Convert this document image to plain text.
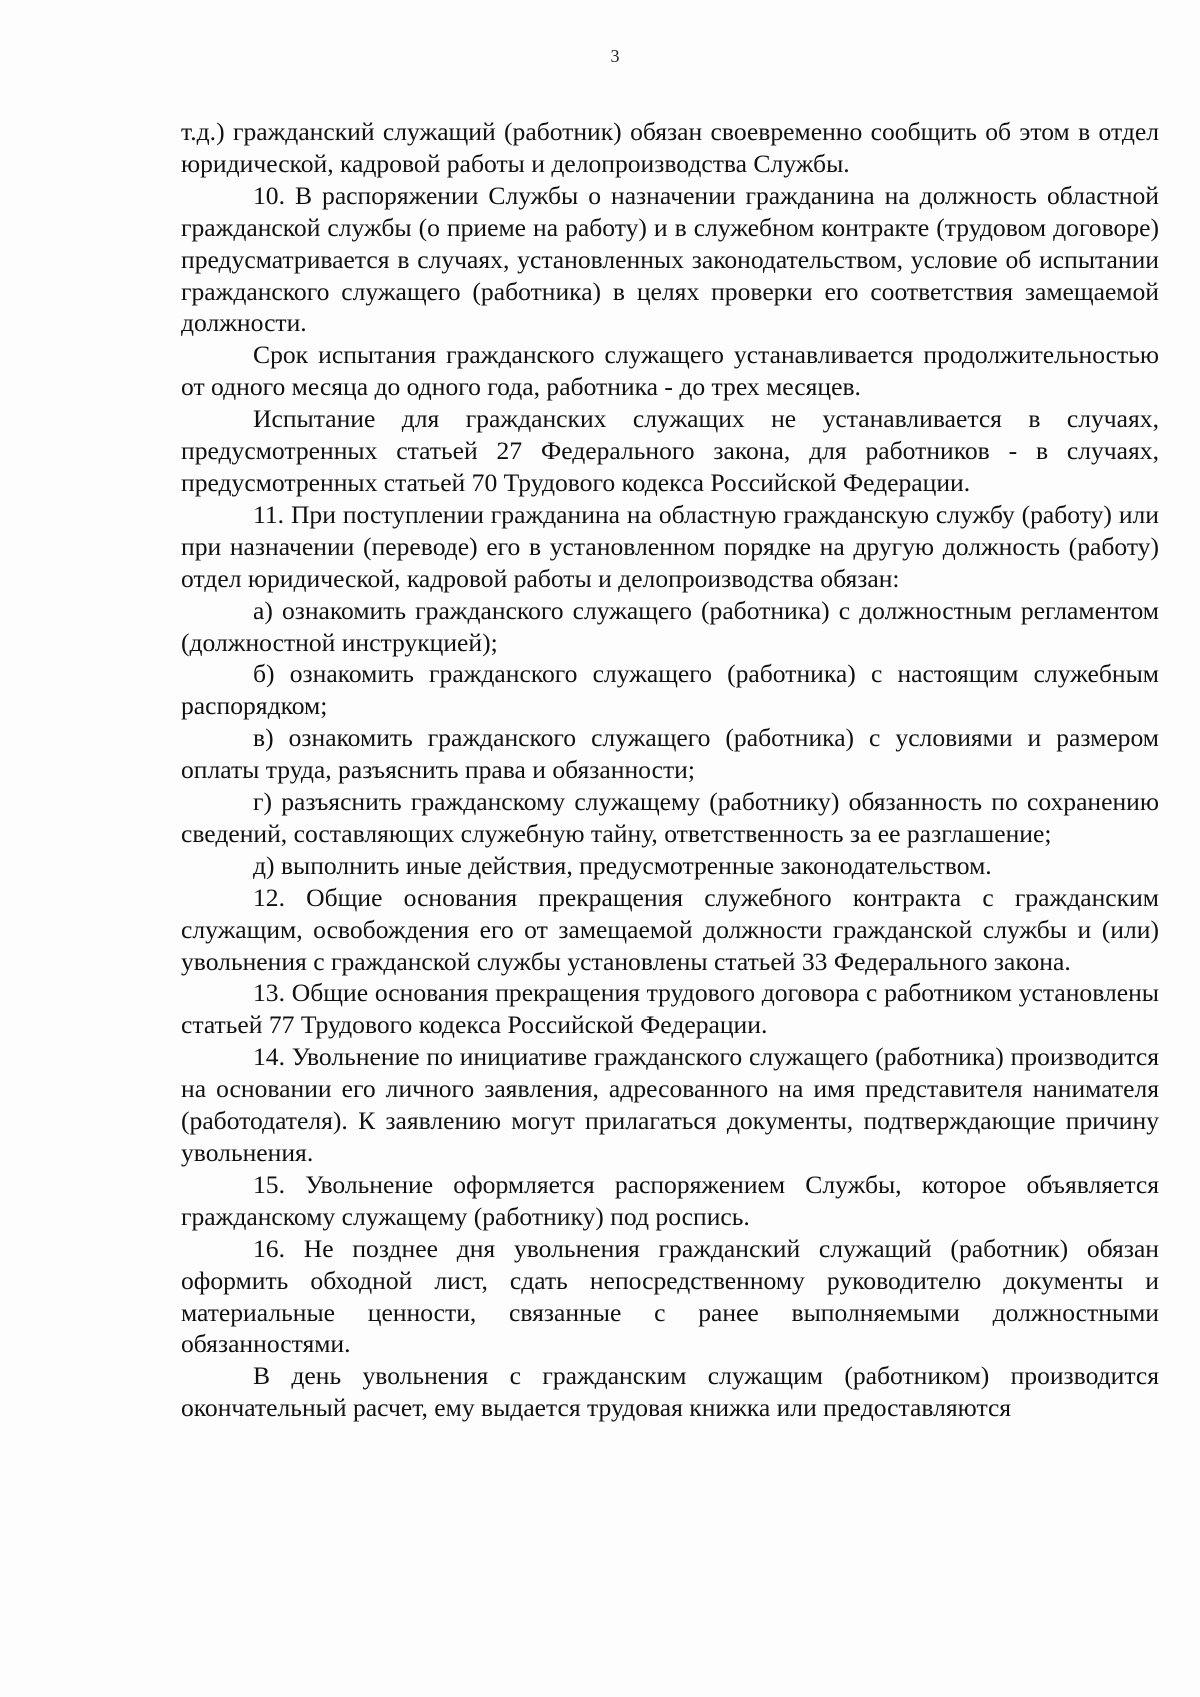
3

т.д.) гражданский служащий (работник) обязан своевременно сообщить об этом в отдел юридической, кадровой работы и делопроизводства Службы.

10. В распоряжении Службы о назначении гражданина на должность областной гражданской службы (о приеме на работу) и в служебном контракте (трудовом договоре) предусматривается в случаях, установленных законодательством, условие об испытании гражданского служащего (работника) в целях проверки его соответствия замещаемой должности.

Срок испытания гражданского служащего устанавливается продолжительностью от одного месяца до одного года, работника - до трех месяцев.

Испытание для гражданских служащих не устанавливается в случаях, предусмотренных статьей 27 Федерального закона, для работников - в случаях, предусмотренных статьей 70 Трудового кодекса Российской Федерации.

11. При поступлении гражданина на областную гражданскую службу (работу) или при назначении (переводе) его в установленном порядке на другую должность (работу) отдел юридической, кадровой работы и делопроизводства обязан:

а) ознакомить гражданского служащего (работника) с должностным регламентом (должностной инструкцией);

б) ознакомить гражданского служащего (работника) с настоящим служебным распорядком;

в) ознакомить гражданского служащего (работника) с условиями и размером оплаты труда, разъяснить права и обязанности;

г) разъяснить гражданскому служащему (работнику) обязанность по сохранению сведений, составляющих служебную тайну, ответственность за ее разглашение;

д) выполнить иные действия, предусмотренные законодательством.

12. Общие основания прекращения служебного контракта с гражданским служащим, освобождения его от замещаемой должности гражданской службы и (или) увольнения с гражданской службы установлены статьей 33 Федерального закона.

13. Общие основания прекращения трудового договора с работником установлены статьей 77 Трудового кодекса Российской Федерации.

14. Увольнение по инициативе гражданского служащего (работника) производится на основании его личного заявления, адресованного на имя представителя нанимателя (работодателя). К заявлению могут прилагаться документы, подтверждающие причину увольнения.

15. Увольнение оформляется распоряжением Службы, которое объявляется гражданскому служащему (работнику) под роспись.

16. Не позднее дня увольнения гражданский служащий (работник) обязан оформить обходной лист, сдать непосредственному руководителю документы и материальные ценности, связанные с ранее выполняемыми должностными обязанностями.

В день увольнения с гражданским служащим (работником) производится окончательный расчет, ему выдается трудовая книжка или предоставляются
